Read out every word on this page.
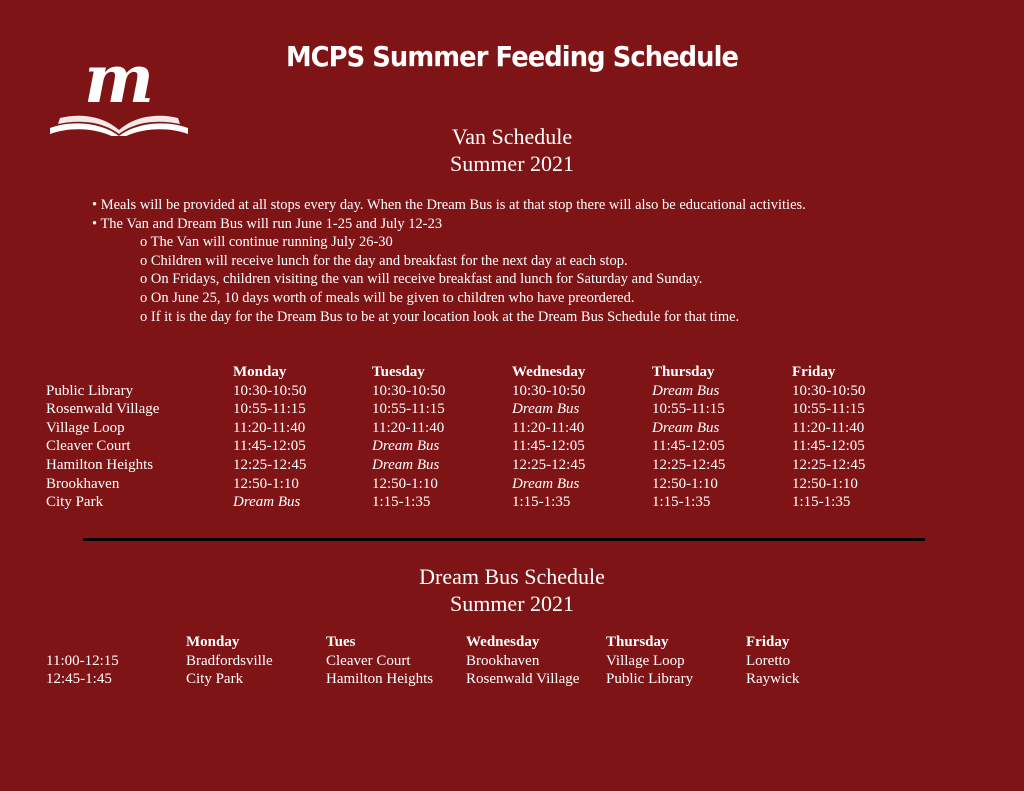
m	MCPS Summer Feeding Schedule
Van Schedule
Summer 2021
• Meals will be provided at all stops every day. When the Dream Bus is at that stop there will also be educational activities.
• The Van and Dream Bus will run June 1-25 and July 12-23
o The Van will continue running July 26-30
o Children will receive lunch for the day and breakfast for the next day at each stop.
o On Fridays, children visiting the van will receive breakfast and lunch for Saturday and Sunday.
o On June 25, 10 days worth of meals will be given to children who have preordered.
o If it is the day for the Dream Bus to be at your location look at the Dream Bus Schedule for that time.
	Monday	Tuesday	Wednesday	Thursday	Friday
Public Library	10:30-10:50	10:30-10:50	10:30-10:50	Dream Bus	10:30-10:50
Rosenwald Village	10:55-11:15	10:55-11:15	Dream Bus	10:55-11:15	10:55-11:15
Village Loop	11:20-11:40	11:20-11:40	11:20-11:40	Dream Bus	11:20-11:40
Cleaver Court	11:45-12:05	Dream Bus	11:45-12:05	11:45-12:05	11:45-12:05
Hamilton Heights	12:25-12:45	Dream Bus	12:25-12:45	12:25-12:45	12:25-12:45
Brookhaven	12:50-1:10	12:50-1:10	Dream Bus	12:50-1:10	12:50-1:10
City Park	Dream Bus	1:15-1:35	1:15-1:35	1:15-1:35	1:15-1:35
Dream Bus Schedule
Summer 2021
	Monday	Tues	Wednesday	Thursday	Friday
11:00-12:15	Bradfordsville	Cleaver Court	Brookhaven	Village Loop	Loretto
12:45-1:45	City Park	Hamilton Heights	Rosenwald Village	Public Library	Raywick
